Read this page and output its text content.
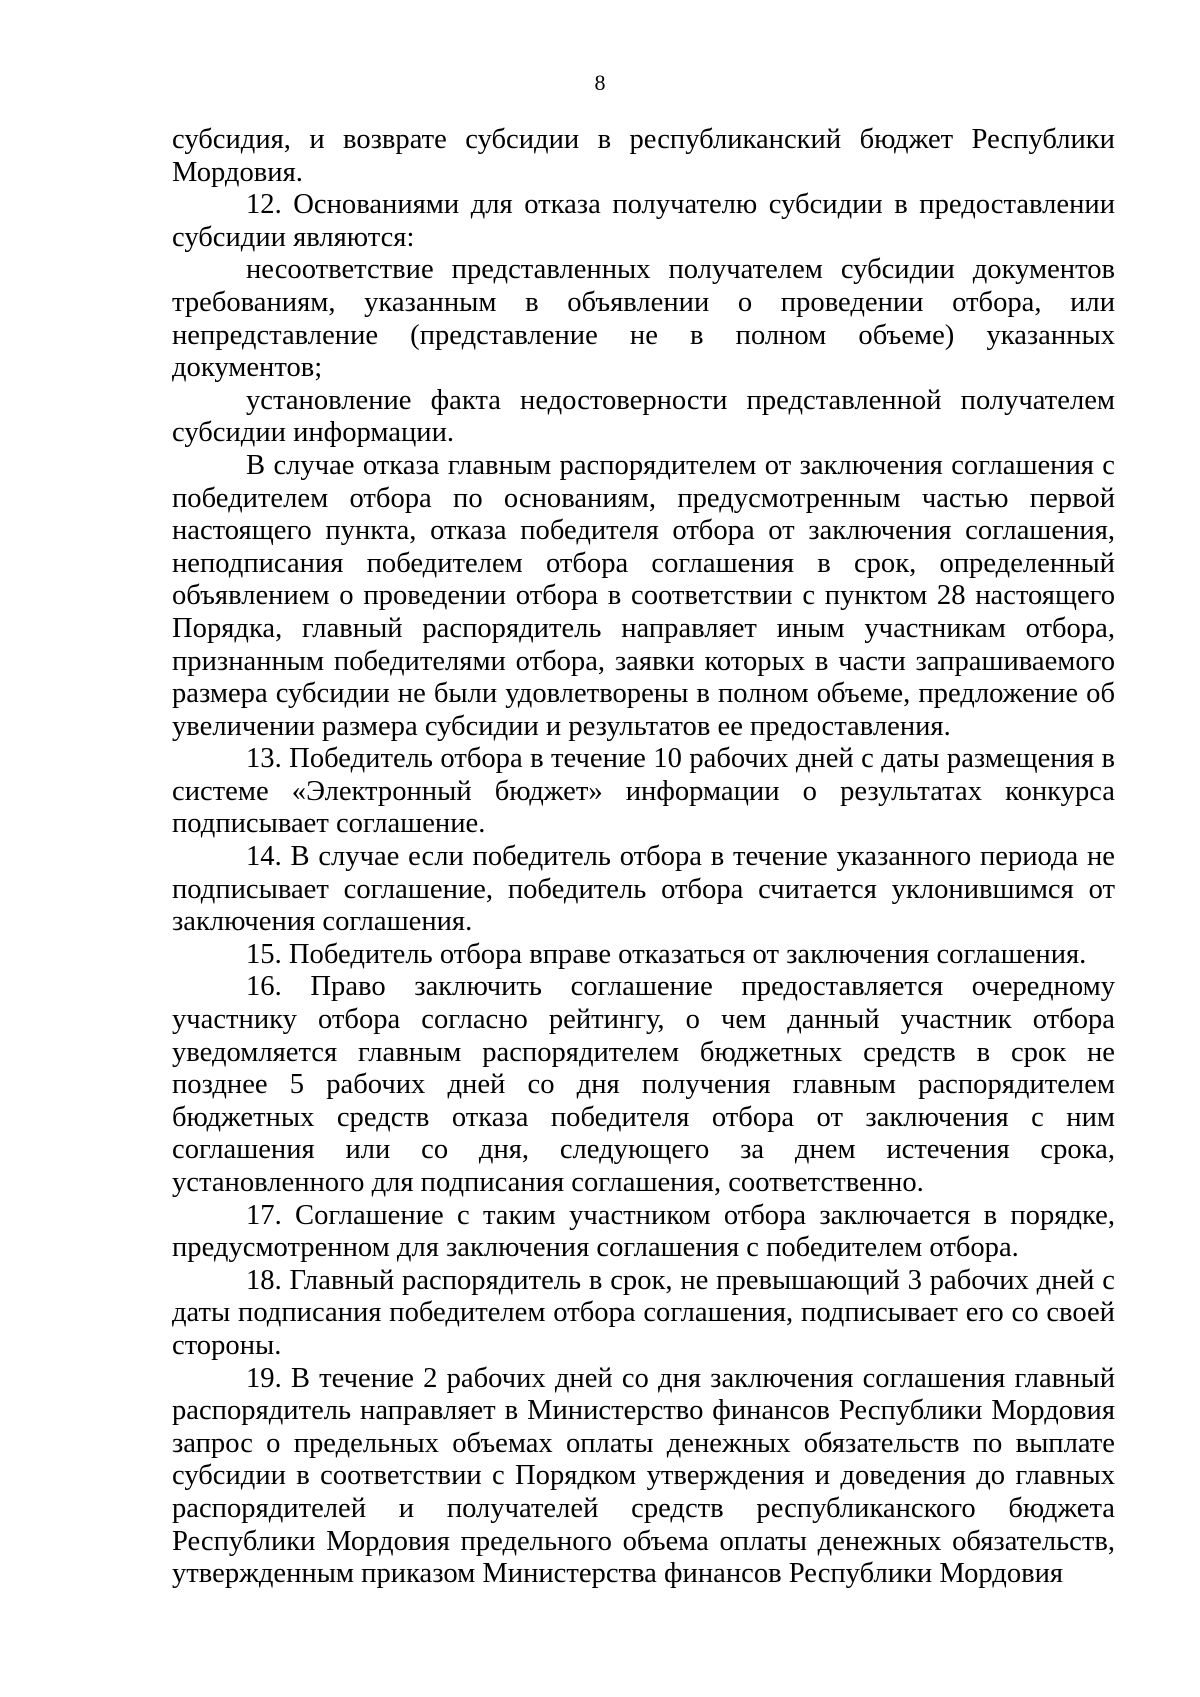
8

субсидия, и возврате субсидии в республиканский бюджет Республики Мордовия.

12. Основаниями для отказа получателю субсидии в предоставлении субсидии являются:

несоответствие представленных получателем субсидии документов требованиям, указанным в объявлении о проведении отбора, или непредставление (представление не в полном объеме) указанных документов;

установление факта недостоверности представленной получателем субсидии информации.

В случае отказа главным распорядителем от заключения соглашения с победителем отбора по основаниям, предусмотренным частью первой настоящего пункта, отказа победителя отбора от заключения соглашения, неподписания победителем отбора соглашения в срок, определенный объявлением о проведении отбора в соответствии с пунктом 28 настоящего Порядка, главный распорядитель направляет иным участникам отбора, признанным победителями отбора, заявки которых в части запрашиваемого размера субсидии не были удовлетворены в полном объеме, предложение об увеличении размера субсидии и результатов ее предоставления.

13. Победитель отбора в течение 10 рабочих дней с даты размещения в системе «Электронный бюджет» информации о результатах конкурса подписывает соглашение.

14. В случае если победитель отбора в течение указанного периода не подписывает соглашение, победитель отбора считается уклонившимся от заключения соглашения.

15. Победитель отбора вправе отказаться от заключения соглашения.

16. Право заключить соглашение предоставляется очередному участнику отбора согласно рейтингу, о чем данный участник отбора уведомляется главным распорядителем бюджетных средств в срок не позднее 5 рабочих дней со дня получения главным распорядителем бюджетных средств отказа победителя отбора от заключения с ним соглашения или со дня, следующего за днем истечения срока, установленного для подписания соглашения, соответственно.

17. Соглашение с таким участником отбора заключается в порядке, предусмотренном для заключения соглашения с победителем отбора.

18. Главный распорядитель в срок, не превышающий 3 рабочих дней с даты подписания победителем отбора соглашения, подписывает его со своей стороны.

19. В течение 2 рабочих дней со дня заключения соглашения главный распорядитель направляет в Министерство финансов Республики Мордовия запрос о предельных объемах оплаты денежных обязательств по выплате субсидии в соответствии с Порядком утверждения и доведения до главных распорядителей и получателей средств республиканского бюджета Республики Мордовия предельного объема оплаты денежных обязательств, утвержденным приказом Министерства финансов Республики Мордовия
